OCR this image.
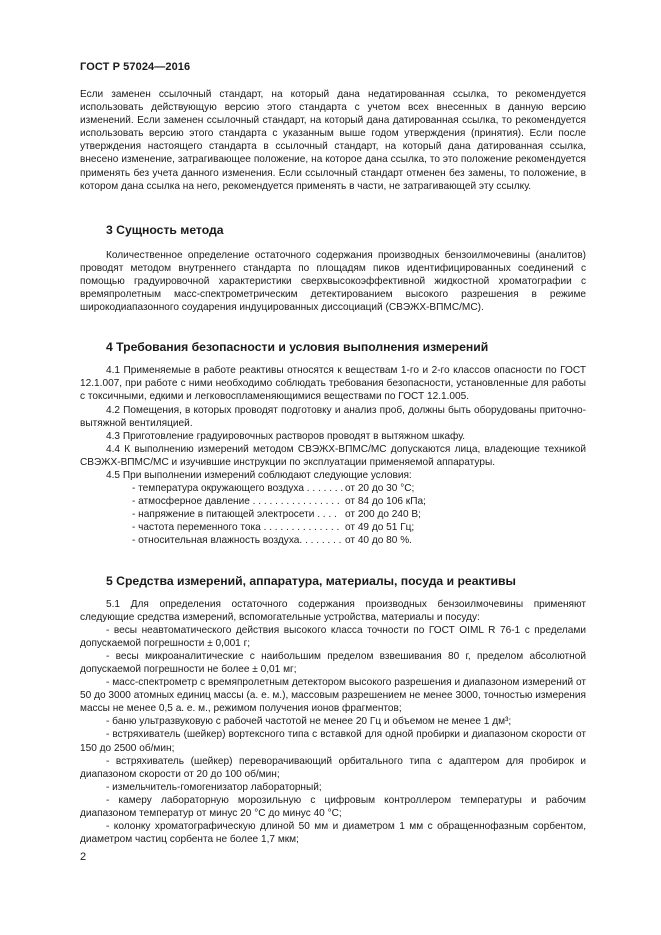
ГОСТ Р 57024—2016

Если заменен ссылочный стандарт, на который дана недатированная ссылка, то рекомендуется использовать действующую версию этого стандарта с учетом всех внесенных в данную версию изменений. Если заменен ссылочный стандарт, на который дана датированная ссылка, то рекомендуется использовать версию этого стандарта с указанным выше годом утверждения (принятия). Если после утверждения настоящего стандарта в ссылочный стандарт, на который дана датированная ссылка, внесено изменение, затрагивающее положение, на которое дана ссылка, то это положение рекомендуется применять без учета данного изменения. Если ссылочный стандарт отменен без замены, то положение, в котором дана ссылка на него, рекомендуется применять в части, не затрагивающей эту ссылку.

3 Сущность метода

Количественное определение остаточного содержания производных бензоилмочевины (аналитов) проводят методом внутреннего стандарта по площадям пиков идентифицированных соединений с помощью градуировочной характеристики сверхвысокоэффективной жидкостной хроматографии с времяпролетным масс-спектрометрическим детектированием высокого разрешения в режиме широкодиапазонного соударения индуцированных диссоциаций (СВЭЖХ-ВПМС/МС).

4 Требования безопасности и условия выполнения измерений

4.1 Применяемые в работе реактивы относятся к веществам 1-го и 2-го классов опасности по ГОСТ 12.1.007, при работе с ними необходимо соблюдать требования безопасности, установленные для работы с токсичными, едкими и легковоспламеняющимися веществами по ГОСТ 12.1.005.

4.2 Помещения, в которых проводят подготовку и анализ проб, должны быть оборудованы приточно-вытяжной вентиляцией.

4.3 Приготовление градуировочных растворов проводят в вытяжном шкафу.

4.4 К выполнению измерений методом СВЭЖХ-ВПМС/МС допускаются лица, владеющие техникой СВЭЖХ-ВПМС/МС и изучившие инструкции по эксплуатации применяемой аппаратуры.

4.5 При выполнении измерений соблюдают следующие условия:

- температура окружающего воздуха . . . . . . . от 20 до 30 °С;
- атмосферное давление . . . . . . . . . . . . . . . . от 84 до 106 кПа;
- напряжение в питающей электросети . . . . от 200 до 240 В;
- частота переменного тока . . . . . . . . . . . . . . от 49 до 51 Гц;
- относительная влажность воздуха. . . . . . . . от 40 до 80 %.

5 Средства измерений, аппаратура, материалы, посуда и реактивы

5.1 Для определения остаточного содержания производных бензоилмочевины применяют следующие средства измерений, вспомогательные устройства, материалы и посуду:

- весы неавтоматического действия высокого класса точности по ГОСТ OIML R 76-1 с пределами допускаемой погрешности ± 0,001 г;

- весы микроаналитические с наибольшим пределом взвешивания 80 г, пределом абсолютной допускаемой погрешности не более ± 0,01 мг;

- масс-спектрометр с времяпролетным детектором высокого разрешения и диапазоном измерений от 50 до 3000 атомных единиц массы (а. е. м.), массовым разрешением не менее 3000, точностью измерения массы не менее 0,5 а. е. м., режимом получения ионов фрагментов;

- баню ультразвуковую с рабочей частотой не менее 20 Гц и объемом не менее 1 дм³;

- встряхиватель (шейкер) вортексного типа с вставкой для одной пробирки и диапазоном скорости от 150 до 2500 об/мин;

- встряхиватель (шейкер) переворачивающий орбитального типа с адаптером для пробирок и диапазоном скорости от 20 до 100 об/мин;

- измельчитель-гомогенизатор лабораторный;

- камеру лабораторную морозильную с цифровым контроллером температуры и рабочим диапазоном температур от минус 20 °С до минус 40 °С;

- колонку хроматографическую длиной 50 мм и диаметром 1 мм с обращеннофазным сорбентом, диаметром частиц сорбента не более 1,7 мкм;

2
